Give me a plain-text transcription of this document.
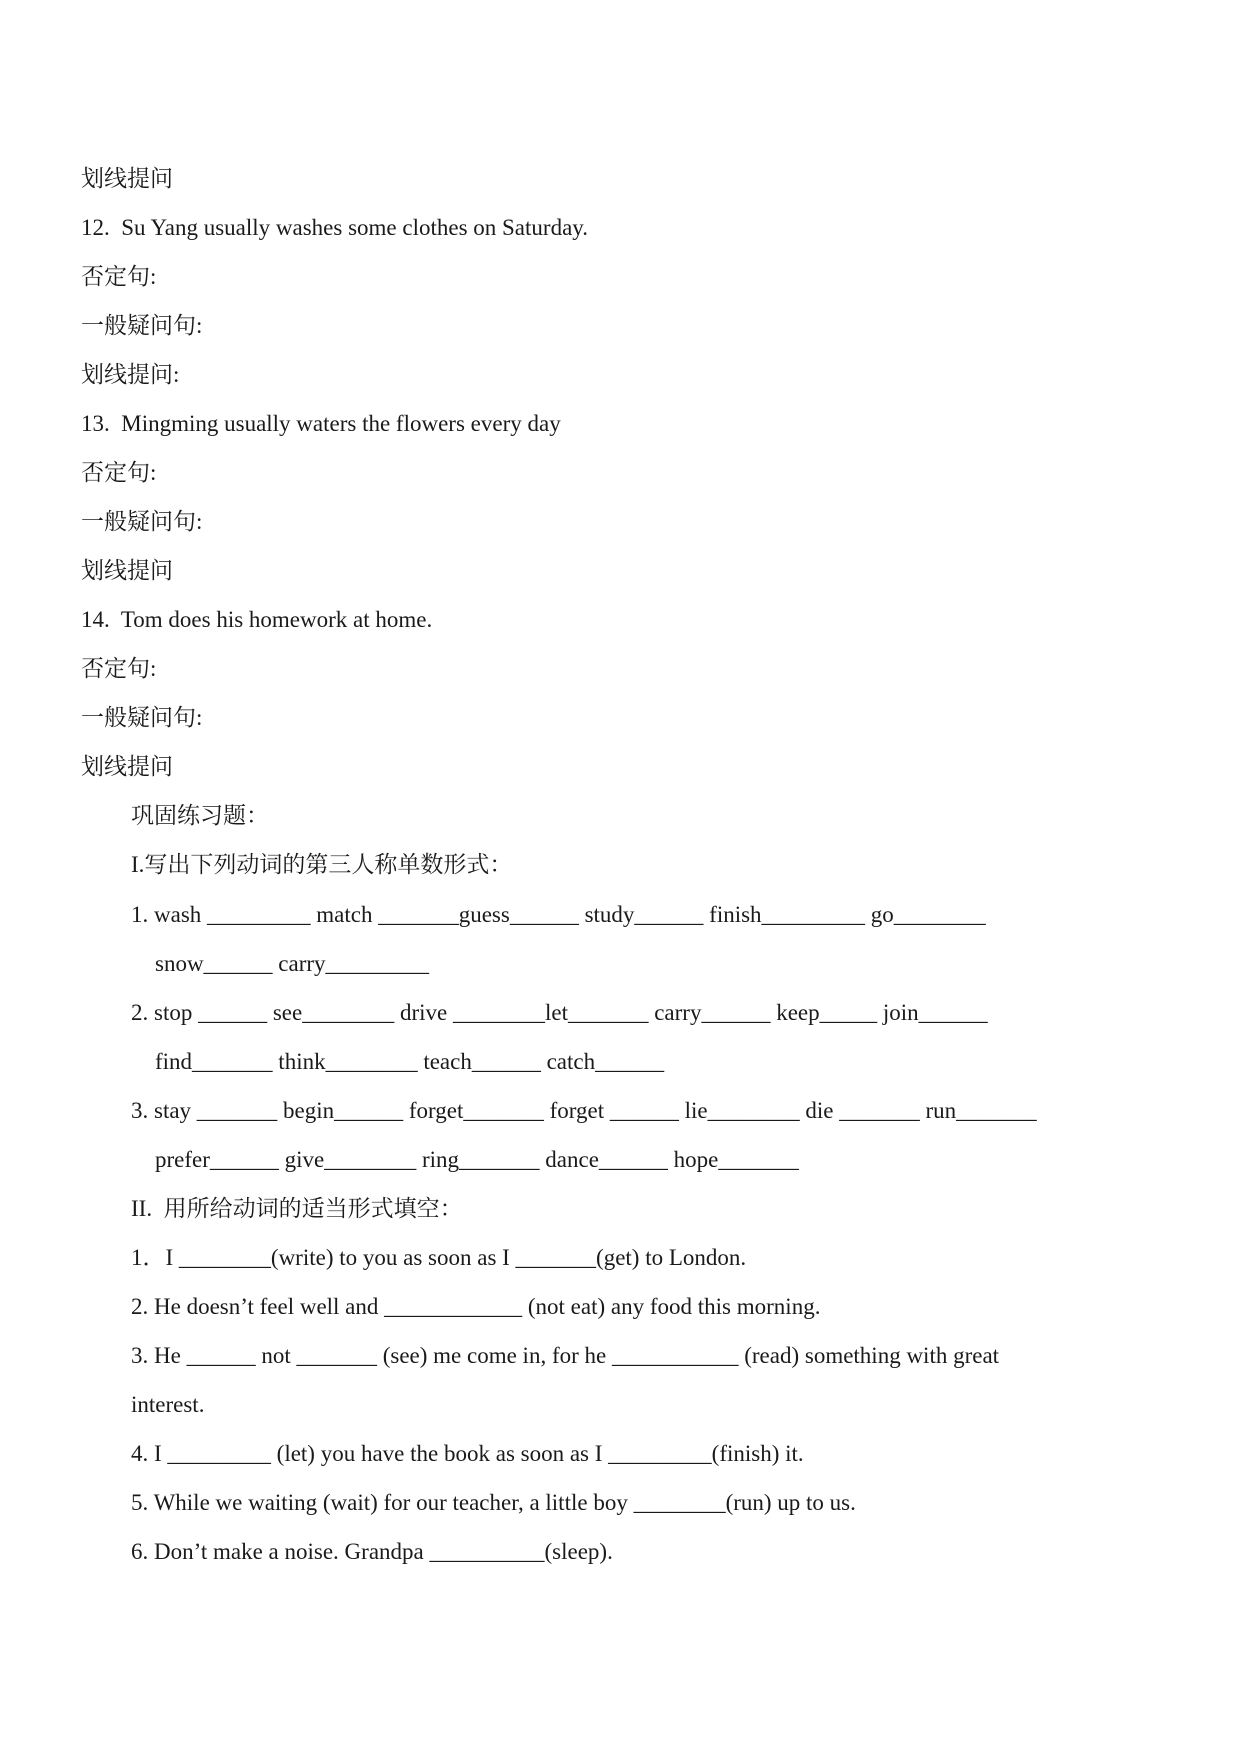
划线提问

12.  Su Yang usually washes some clothes on Saturday.

否定句:

一般疑问句:

划线提问:

13.  Mingming usually waters the flowers every day

否定句:

一般疑问句:

划线提问

14.  Tom does his homework at home.

否定句:

一般疑问句:

划线提问

巩固练习题：

I.写出下列动词的第三人称单数形式：

1. wash _________ match _______guess______ study______ finish_________ go________

snow______ carry_________

2. stop ______ see________ drive ________let_______ carry______ keep_____ join______

find_______ think________ teach______ catch______

3. stay _______ begin______ forget_______ forget ______ lie________ die _______ run_______

prefer______ give________ ring_______ dance______ hope_______

II.  用所给动词的适当形式填空：

1．I ________(write) to you as soon as I _______(get) to London.

2. He doesn’t feel well and ____________ (not eat) any food this morning.

3. He ______ not _______ (see) me come in, for he ___________ (read) something with great

interest.

4. I _________ (let) you have the book as soon as I _________(finish) it.

5. While we waiting (wait) for our teacher, a little boy ________(run) up to us.

6. Don’t make a noise. Grandpa __________(sleep).
